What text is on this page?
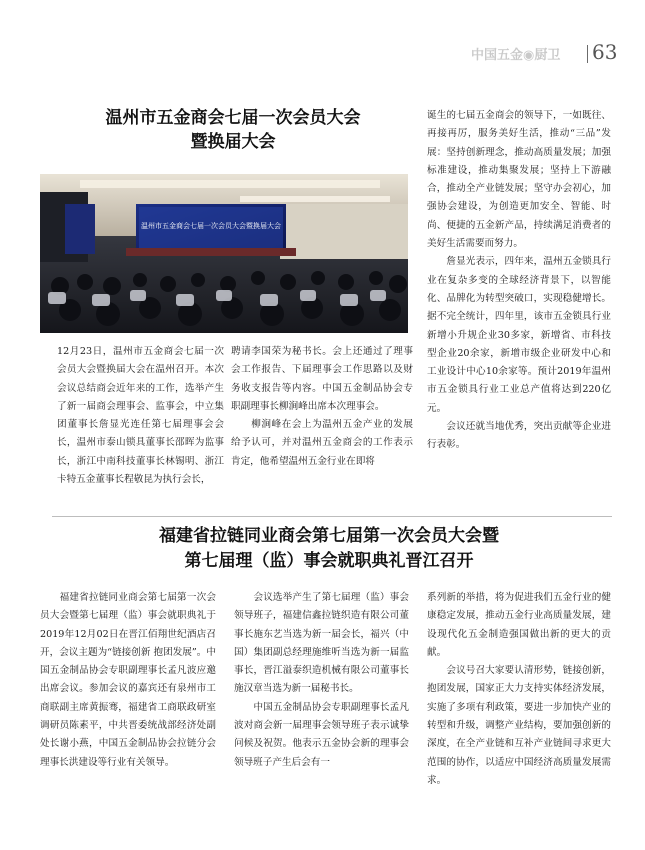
中国五金◉厨卫	63
温州市五金商会七届一次会员大会
暨换届大会
温州市五金商会七届一次会员大会暨换届大会
诞生的七届五金商会的领导下，一如既往、再接再厉，服务美好生活，推动“三品”发展：坚持创新理念，推动高质量发展；加强标准建设，推动集聚发展；坚持上下游融合，推动全产业链发展；坚守办会初心，加强协会建设，为创造更加安全、智能、时尚、便捷的五金新产品，持续满足消费者的美好生活需要而努力。
　　詹显光表示，四年来，温州五金锁具行业在复杂多变的全球经济背景下，以智能化、品牌化为转型突破口，实现稳健增长。据不完全统计，四年里，该市五金锁具行业新增小升规企业30多家，新增省、市科技型企业20余家，新增市级企业研发中心和工业设计中心10余家等。预计2019年温州市五金锁具行业工业总产值将达到220亿元。
　　会议还就当地优秀，突出贡献等企业进行表彰。
12月23日，温州市五金商会七届一次会员大会暨换届大会在温州召开。本次会议总结商会近年来的工作，选举产生了新一届商会理事会、监事会，中立集团董事长詹显光连任第七届理事会会长，温州市泰山锁具董事长邵晖为监事长，浙江中南科技董事长林锡明、浙江卡特五金董事长程敬昆为执行会长，
聘请李国荣为秘书长。会上还通过了理事会工作报告、下届理事会工作思路以及财务收支报告等内容。中国五金制品协会专职副理事长柳涧峰出席本次理事会。
　　柳涧峰在会上为温州五金产业的发展给予认可，并对温州五金商会的工作表示肯定，他希望温州五金行业在即将
福建省拉链同业商会第七届第一次会员大会暨
第七届理（监）事会就职典礼晋江召开
　　福建省拉链同业商会第七届第一次会员大会暨第七届理（监）事会就职典礼于2019年12月02日在晋江佰翔世纪酒店召开，会议主题为“链接创新 抱团发展”。中国五金制品协会专职副理事长孟凡波应邀出席会议。参加会议的嘉宾还有泉州市工商联副主席黄振骞，福建省工商联政研室调研员陈素平，中共晋委统战部经济处副处长谢小燕，中国五金制品协会拉链分会理事长洪建设等行业有关领导。
　　会议选举产生了第七届理（监）事会领导班子，福建信鑫拉链织造有限公司董事长施东艺当选为新一届会长，福兴（中国）集团副总经理施维听当选为新一届监事长，晋江溢泰织造机械有限公司董事长施汉章当选为新一届秘书长。
　　中国五金制品协会专职副理事长孟凡波对商会新一届理事会领导班子表示诚挚问候及祝贺。他表示五金协会新的理事会领导班子产生后会有一
系列新的举措，将为促进我们五金行业的健康稳定发展，推动五金行业高质量发展，建设现代化五金制造强国做出新的更大的贡献。
　　会议号召大家要认清形势，链接创新，抱团发展，国家正大力支持实体经济发展，实施了多项有利政策，要进一步加快产业的转型和升级，调整产业结构，要加强创新的深度，在全产业链和互补产业链间寻求更大范围的协作，以适应中国经济高质量发展需求。
